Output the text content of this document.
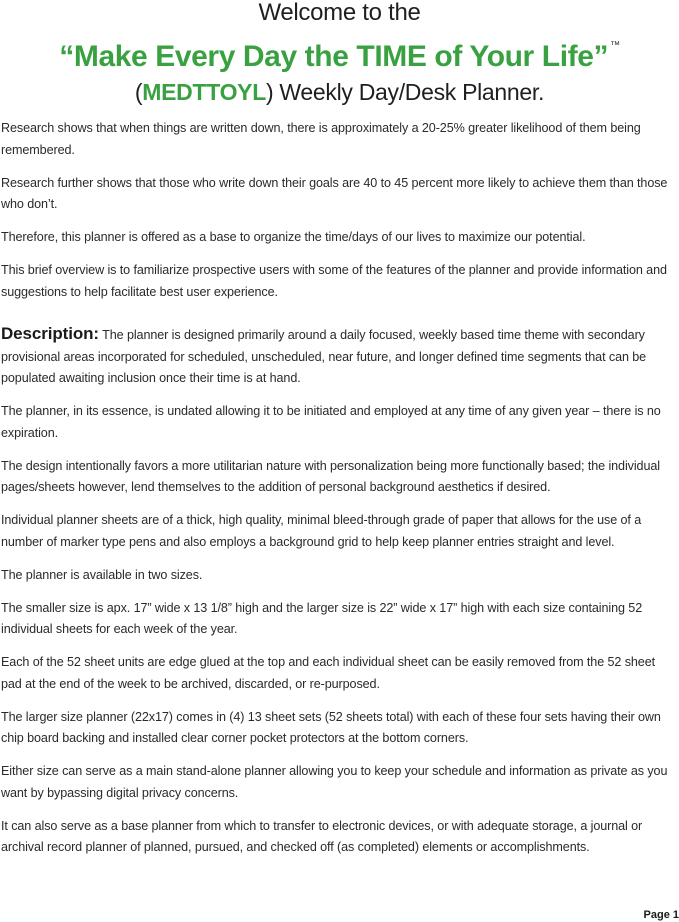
Welcome to the

“Make Every Day the TIME of Your Life” ™

(MEDTTOYL) Weekly Day/Desk Planner.

Research shows that when things are written down, there is approximately a 20-25% greater likelihood of them being remembered.

Research further shows that those who write down their goals are 40 to 45 percent more likely to achieve them than those who don’t.

Therefore, this planner is offered as a base to organize the time/days of our lives to maximize our potential.

This brief overview is to familiarize prospective users with some of the features of the planner and provide information and suggestions to help facilitate best user experience.

Description: The planner is designed primarily around a daily focused, weekly based time theme with secondary provisional areas incorporated for scheduled, unscheduled, near future, and longer defined time segments that can be populated awaiting inclusion once their time is at hand.

The planner, in its essence, is undated allowing it to be initiated and employed at any time of any given year – there is no expiration.

The design intentionally favors a more utilitarian nature with personalization being more functionally based; the individual pages/sheets however, lend themselves to the addition of personal background aesthetics if desired.

Individual planner sheets are of a thick, high quality, minimal bleed-through grade of paper that allows for the use of a number of marker type pens and also employs a background grid to help keep planner entries straight and level.

The planner is available in two sizes.

The smaller size is apx. 17” wide x 13 1/8” high and the larger size is 22” wide x 17” high with each size containing 52 individual sheets for each week of the year.

Each of the 52 sheet units are edge glued at the top and each individual sheet can be easily removed from the 52 sheet pad at the end of the week to be archived, discarded, or re-purposed.

The larger size planner (22x17) comes in (4) 13 sheet sets (52 sheets total) with each of these four sets having their own chip board backing and installed clear corner pocket protectors at the bottom corners.

Either size can serve as a main stand-alone planner allowing you to keep your schedule and information as private as you want by bypassing digital privacy concerns.

It can also serve as a base planner from which to transfer to electronic devices, or with adequate storage, a journal or archival record planner of planned, pursued, and checked off (as completed) elements or accomplishments.

Page 1
